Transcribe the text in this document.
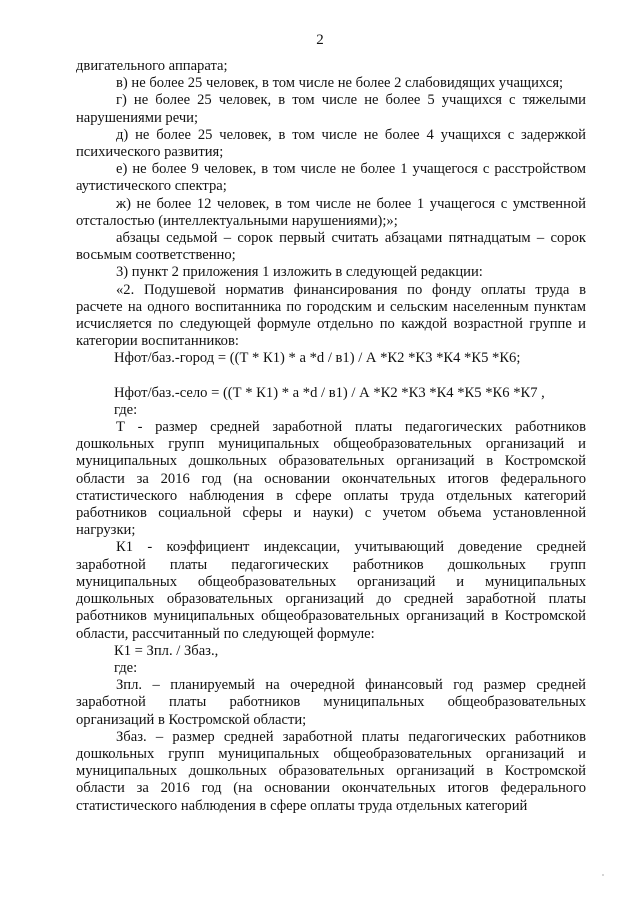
2

двигательного аппарата;

в) не более 25 человек, в том числе не более 2 слабовидящих учащихся;

г) не более 25 человек, в том числе не более 5 учащихся с тяжелыми нарушениями речи;

д) не более 25 человек, в том числе не более 4 учащихся с задержкой психического развития;

е) не более 9 человек, в том числе не более 1 учащегося с расстройством аутистического спектра;

ж) не более 12 человек, в том числе не более 1 учащегося с умственной отсталостью (интеллектуальными нарушениями);»;

абзацы седьмой – сорок первый считать абзацами пятнадцатым – сорок восьмым соответственно;

3) пункт 2 приложения 1 изложить в следующей редакции:

«2. Подушевой норматив финансирования по фонду оплаты труда в расчете на одного воспитанника по городским и сельским населенным пунктам исчисляется по следующей формуле отдельно по каждой возрастной группе и категории воспитанников:

Нфот/баз.-город = ((Т * К1) * а *d / в1) / А *К2 *К3 *К4 *К5 *К6;

Нфот/баз.-село = ((Т * К1) * а *d / в1) / А *К2 *К3 *К4 *К5 *К6 *К7 ,

где:

Т - размер средней заработной платы педагогических работников дошкольных групп муниципальных общеобразовательных организаций и муниципальных дошкольных образовательных организаций в Костромской области за 2016 год (на основании окончательных итогов федерального статистического наблюдения в сфере оплаты труда отдельных категорий работников социальной сферы и науки) с учетом объема установленной нагрузки;

К1 - коэффициент индексации, учитывающий доведение средней заработной платы педагогических работников дошкольных групп муниципальных общеобразовательных организаций и муниципальных дошкольных образовательных организаций до средней заработной платы работников муниципальных общеобразовательных организаций в Костромской области, рассчитанный по следующей формуле:

К1 = Зпл. / Збаз.,

где:

Зпл. – планируемый на очередной финансовый год размер средней заработной платы работников муниципальных общеобразовательных организаций в Костромской области;

Збаз. – размер средней заработной платы педагогических работников дошкольных групп муниципальных общеобразовательных организаций и муниципальных дошкольных образовательных организаций в Костромской области за 2016 год (на основании окончательных итогов федерального статистического наблюдения в сфере оплаты труда отдельных категорий
